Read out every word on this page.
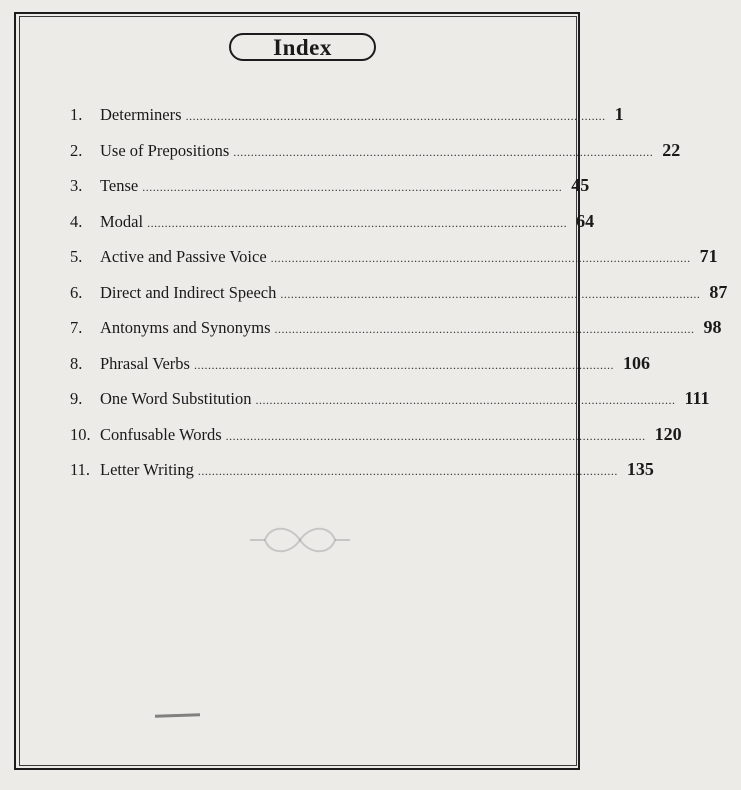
Index
1.	Determiners ........................................................................................................................ 1
2.	Use of Prepositions ........................................................................................................................ 22
3.	Tense ........................................................................................................................ 45
4.	Modal ........................................................................................................................ 64
5.	Active and Passive Voice ........................................................................................................................ 71
6.	Direct and Indirect Speech ........................................................................................................................ 87
7.	Antonyms and Synonyms ........................................................................................................................ 98
8.	Phrasal Verbs ........................................................................................................................ 106
9.	One Word Substitution ........................................................................................................................ 111
10. Confusable Words ........................................................................................................................ 120
11. Letter Writing ........................................................................................................................ 135
